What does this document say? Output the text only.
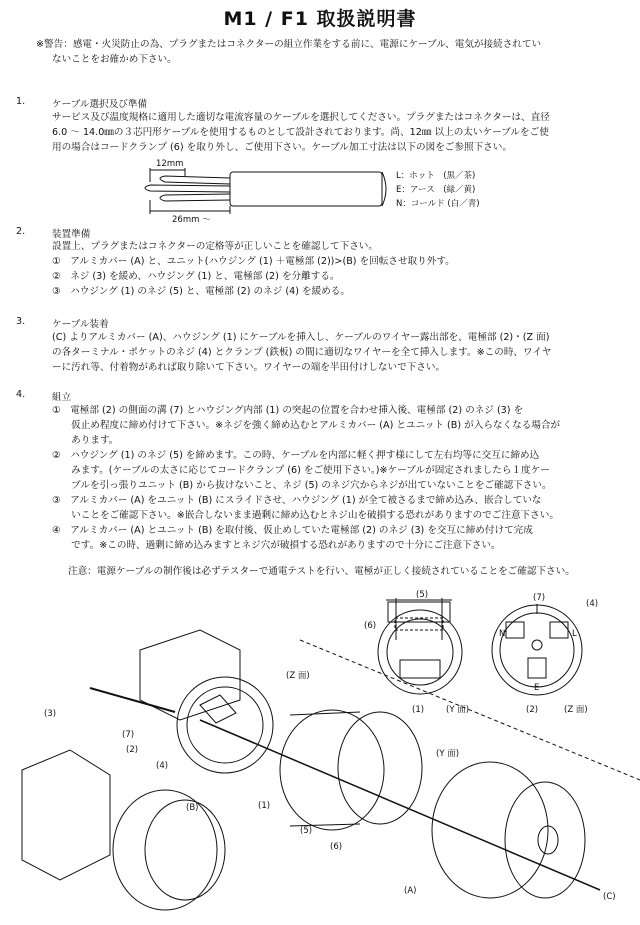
M1 / F1 取扱説明書
※警告：感電・火災防止の為、プラグまたはコネクターの組立作業をする前に、電源にケーブル、電気が接続されてい
ないことをお確かめ下さい。
1.	ケーブル選択及び準備
サービス及び温度規格に適用した適切な電流容量のケーブルを選択してください。プラグまたはコネクターは、直径
6.0 ～ 14.0㎜の３芯円形ケーブルを使用するものとして設計されております。尚、12㎜ 以上の太いケーブルをご使
用の場合はコードクランプ (6) を取り外し、ご使用下さい。ケーブル加工寸法は以下の図をご参照下さい。
2.	装置準備
設置上、プラグまたはコネクターの定格等が正しいことを確認して下さい。
①　アルミカバー (A) と、ユニット(ハウジング (1) ＋電極部 (2))>(B) を回転させ取り外す。
②　ネジ (3) を緩め、ハウジング (1) と、電極部 (2) を分離する。
③　ハウジング (1) のネジ (5) と、電極部 (2) のネジ (4) を緩める。
3.	ケーブル装着
(C) よりアルミカバー (A)、ハウジング (1) にケーブルを挿入し、ケーブルのワイヤー露出部を、電極部 (2)・(Z 面)
の各ターミナル・ポケットのネジ (4) とクランプ (鉄板) の間に適切なワイヤーを全て挿入します。※この時、ワイヤ
ーに汚れ等、付着物があれば取り除いて下さい。ワイヤーの端を半田付けしないで下さい。
4.	組立
①　電極部 (2) の側面の溝 (7) とハウジング内部 (1) の突起の位置を合わせ挿入後、電極部 (2) のネジ (3) を
　　仮止め程度に締め付けて下さい。※ネジを強く締め込むとアルミカバー (A) とユニット (B) が入らなくなる場合が
　　あります。
②　ハウジング (1) のネジ (5) を締めます。この時、ケーブルを内部に軽く押す様にして左右均等に交互に締め込
　　みます。(ケーブルの太さに応じてコードクランプ (6) をご使用下さい。)※ケーブルが固定されましたら１度ケー
　　ブルを引っ張りユニット (B) から抜けないこと、ネジ (5) のネジ穴からネジが出ていないことをご確認下さい。
③　アルミカバー (A) をユニット (B) にスライドさせ、ハウジング (1) が全て被さるまで締め込み、嵌合していな
　　いことをご確認下さい。※嵌合しないまま過剰に締め込むとネジ山を破損する恐れがありますのでご注意下さい。
④　アルミカバー (A) とユニット (B) を取付後、仮止めしていた電極部 (2) のネジ (3) を交互に締め付けて完成
　　です。※この時、過剰に締め込みますとネジ穴が破損する恐れがありますので十分にご注意下さい。
注意：電源ケーブルの制作後は必ずテスターで通電テストを行い、電極が正しく接続されていることをご確認下さい。
12mm
26mm ～
L：ホット　(黒／茶)
E：アース　(緑／黄)
N：コールド (白／青)
(5)
(6)
(1)	(Y 面)
(7)
(4)
N	L
E
(2)	(Z 面)
(3)
(7)
(2)
(4)
(Z 面)
(Y 面)
(1)
(5)
(6)
(B)
(A)
(C)
